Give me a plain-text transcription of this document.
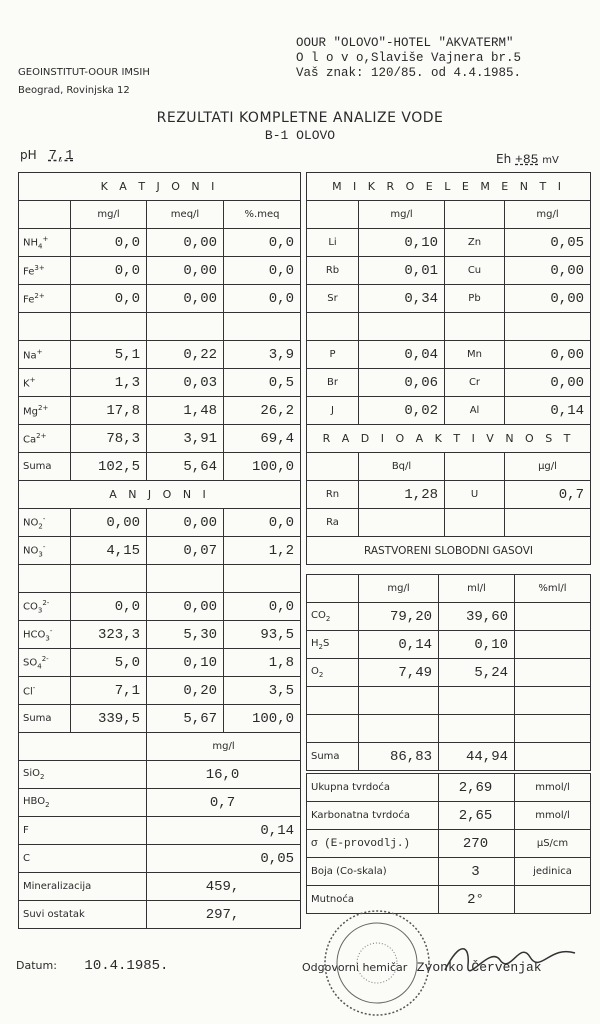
GEOINSTITUT-OOUR IMSIH
Beograd, Rovinjska 12
OOUR "OLOVO"-HOTEL "AKVATERM"
O l o v o,Slaviše Vajnera br.5
Vaš znak: 120/85. od 4.4.1985.
REZULTATI KOMPLETNE ANALIZE VODE
B-1 OLOVO
pH 7,1	Eh +85 mV
K A T J O N I			
	mg/l	meq/l	%.meq
$NH_4^+$	0,0	0,00	0,0
$Fe^{3+}$	0,0	0,00	0,0
$Fe^{2+}$	0,0	0,00	0,0

Na+	5,1	0,22	3,9
K+	1,3	0,03	0,5
$Mg^{2+}$	17,8	1,48	26,2
$Ca^{2+}$	78,3	3,91	69,4
Suma	102,5	5,64	100,0
A N J O N I			
$NO_2^-$	0,00	0,00	0,0
$NO_3^-$	4,15	0,07	1,2

$CO_3^{2-}$	0,0	0,00	0,0
$HCO_3^-$	323,3	5,30	93,5
$SO_4^{2-}$	5,0	0,10	1,8
Cl-	7,1	0,20	3,5
Suma	339,5	5,67	100,0
		mg/l	
SiO$_2$		16,0	
$HBO_2$		0,7	
F		0,14	
C		0,05	
Mineralizacija		459,	
Suvi ostatak		297,	
M I K R O E L E M E N T I			
	mg/l		mg/l
Li	0,10	Zn	0,05
Rb	0,01	Cu	0,00
Sr	0,34	Pb	0,00

P	0,04	Mn	0,00
Br	0,06	Cr	0,00
J	0,02	Al	0,14
R A D I O A K T I V N O S T			
	Bq/l		μg/l
Rn	1,28	U	0,7
Ra			
RASTVORENI SLOBODNI GASOVI			
	mg/l	ml/l	%ml/l
$CO_2$	79,20	39,60	
$H_2S$	0,14	0,10	
$O_2$	7,49	5,24	

Suma	86,83	44,94	
Ukupna tvrdoća	2,69	mmol/l
Karbonatna tvrdoća	2,65	mmol/l
σ (E-provodlj.)	270	μS/cm
Boja (Co-skala)	3	jedinica
Mutnoća	2°	
Datum: 10.4.1985.	Odgovorni hemičar Zvonko Červenjak
